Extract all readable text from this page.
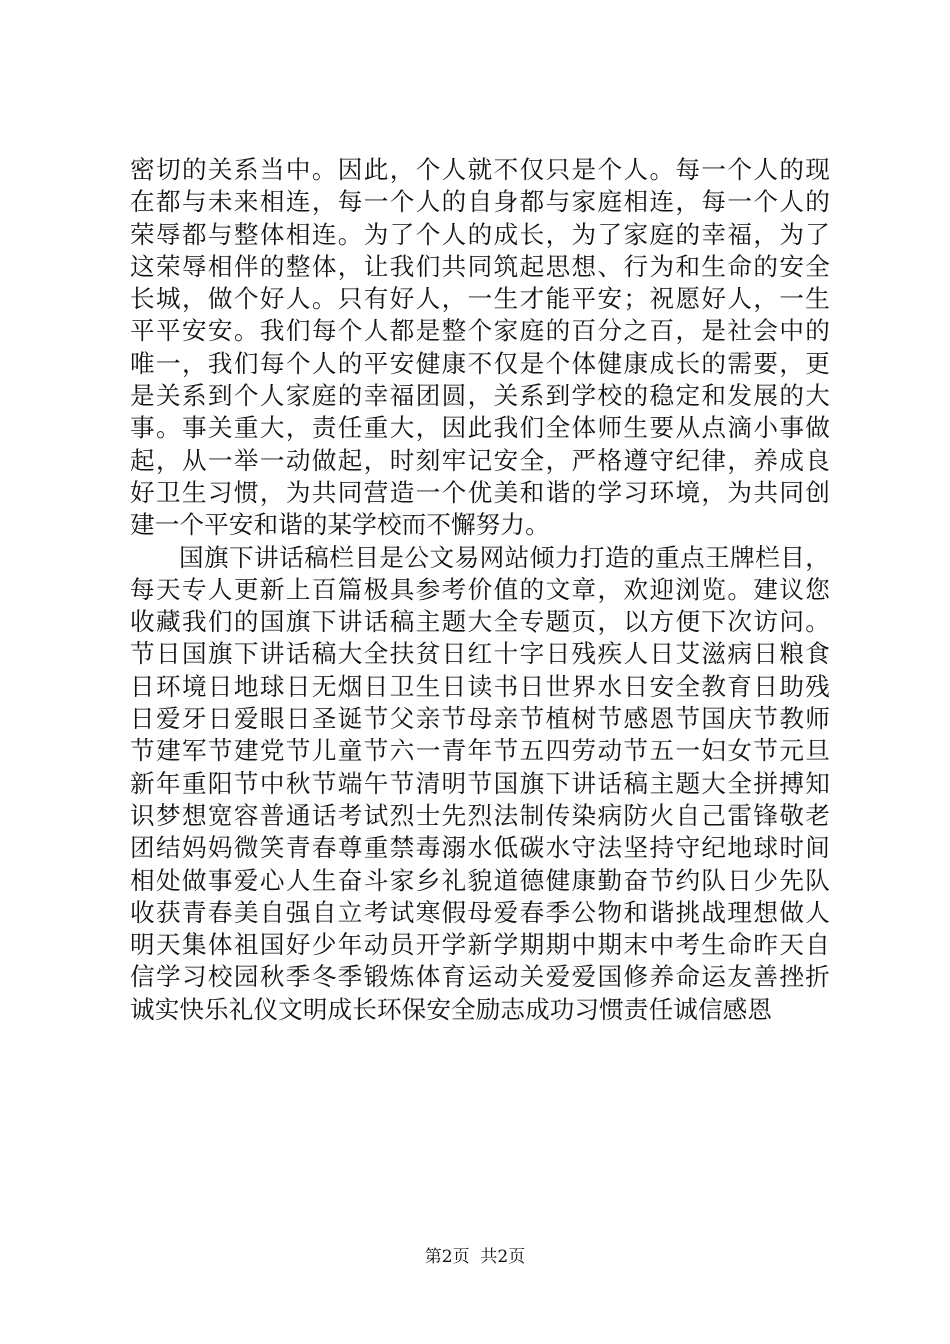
密切的关系当中。因此，个人就不仅只是个人。每一个人的现
在都与未来相连，每一个人的自身都与家庭相连，每一个人的
荣辱都与整体相连。为了个人的成长，为了家庭的幸福，为了
这荣辱相伴的整体，让我们共同筑起思想、行为和生命的安全
长城，做个好人。只有好人，一生才能平安；祝愿好人，一生
平平安安。我们每个人都是整个家庭的百分之百，是社会中的
唯一，我们每个人的平安健康不仅是个体健康成长的需要，更
是关系到个人家庭的幸福团圆，关系到学校的稳定和发展的大
事。事关重大，责任重大，因此我们全体师生要从点滴小事做
起，从一举一动做起，时刻牢记安全，严格遵守纪律，养成良
好卫生习惯，为共同营造一个优美和谐的学习环境，为共同创
建一个平安和谐的某学校而不懈努力。
国旗下讲话稿栏目是公文易网站倾力打造的重点王牌栏目，
每天专人更新上百篇极具参考价值的文章，欢迎浏览。建议您
收藏我们的国旗下讲话稿主题大全专题页，以方便下次访问。
节日国旗下讲话稿大全扶贫日红十字日残疾人日艾滋病日粮食
日环境日地球日无烟日卫生日读书日世界水日安全教育日助残
日爱牙日爱眼日圣诞节父亲节母亲节植树节感恩节国庆节教师
节建军节建党节儿童节六一青年节五四劳动节五一妇女节元旦
新年重阳节中秋节端午节清明节国旗下讲话稿主题大全拼搏知
识梦想宽容普通话考试烈士先烈法制传染病防火自己雷锋敬老
团结妈妈微笑青春尊重禁毒溺水低碳水守法坚持守纪地球时间
相处做事爱心人生奋斗家乡礼貌道德健康勤奋节约队日少先队
收获青春美自强自立考试寒假母爱春季公物和谐挑战理想做人
明天集体祖国好少年动员开学新学期期中期末中考生命昨天自
信学习校园秋季冬季锻炼体育运动关爱爱国修养命运友善挫折
诚实快乐礼仪文明成长环保安全励志成功习惯责任诚信感恩
第2页  共2页
